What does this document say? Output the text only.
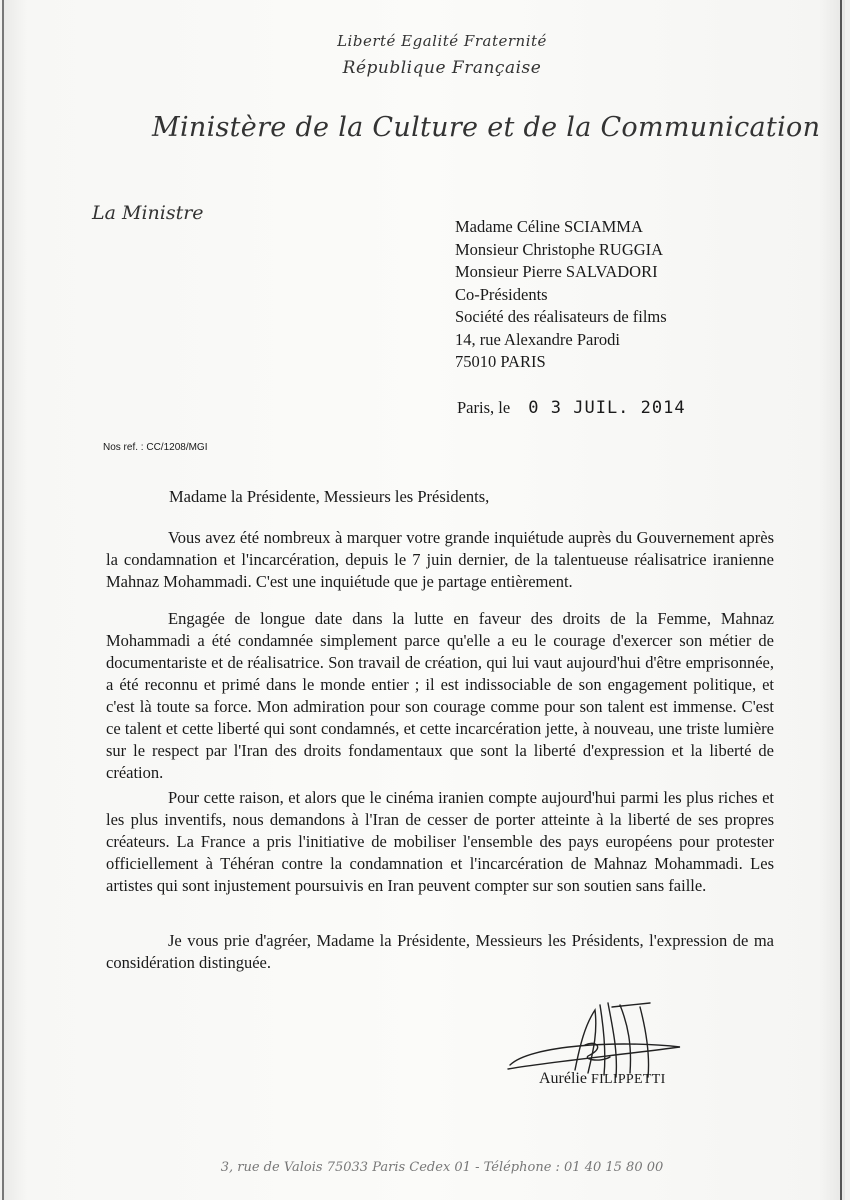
Liberté Egalité Fraternité
République Française
Ministère de la Culture et de la Communication
La Ministre
Madame Céline SCIAMMA
Monsieur Christophe RUGGIA
Monsieur Pierre SALVADORI
Co-Présidents
Société des réalisateurs de films
14, rue Alexandre Parodi
75010 PARIS
Paris, le 0 3 JUIL. 2014
Nos ref. : CC/1208/MGI
Madame la Présidente, Messieurs les Présidents,

Vous avez été nombreux à marquer votre grande inquiétude auprès du Gouvernement après la condamnation et l'incarcération, depuis le 7 juin dernier, de la talentueuse réalisatrice iranienne Mahnaz Mohammadi. C'est une inquiétude que je partage entièrement.

Engagée de longue date dans la lutte en faveur des droits de la Femme, Mahnaz Mohammadi a été condamnée simplement parce qu'elle a eu le courage d'exercer son métier de documentariste et de réalisatrice. Son travail de création, qui lui vaut aujourd'hui d'être emprisonnée, a été reconnu et primé dans le monde entier ; il est indissociable de son engagement politique, et c'est là toute sa force. Mon admiration pour son courage comme pour son talent est immense. C'est ce talent et cette liberté qui sont condamnés, et cette incarcération jette, à nouveau, une triste lumière sur le respect par l'Iran des droits fondamentaux que sont la liberté d'expression et la liberté de création.

Pour cette raison, et alors que le cinéma iranien compte aujourd'hui parmi les plus riches et les plus inventifs, nous demandons à l'Iran de cesser de porter atteinte à la liberté de ses propres créateurs. La France a pris l'initiative de mobiliser l'ensemble des pays européens pour protester officiellement à Téhéran contre la condamnation et l'incarcération de Mahnaz Mohammadi. Les artistes qui sont injustement poursuivis en Iran peuvent compter sur son soutien sans faille.

Je vous prie d'agréer, Madame la Présidente, Messieurs les Présidents, l'expression de ma considération distinguée.

Aurélie FILIPPETTI
3, rue de Valois 75033 Paris Cedex 01 - Téléphone : 01 40 15 80 00
